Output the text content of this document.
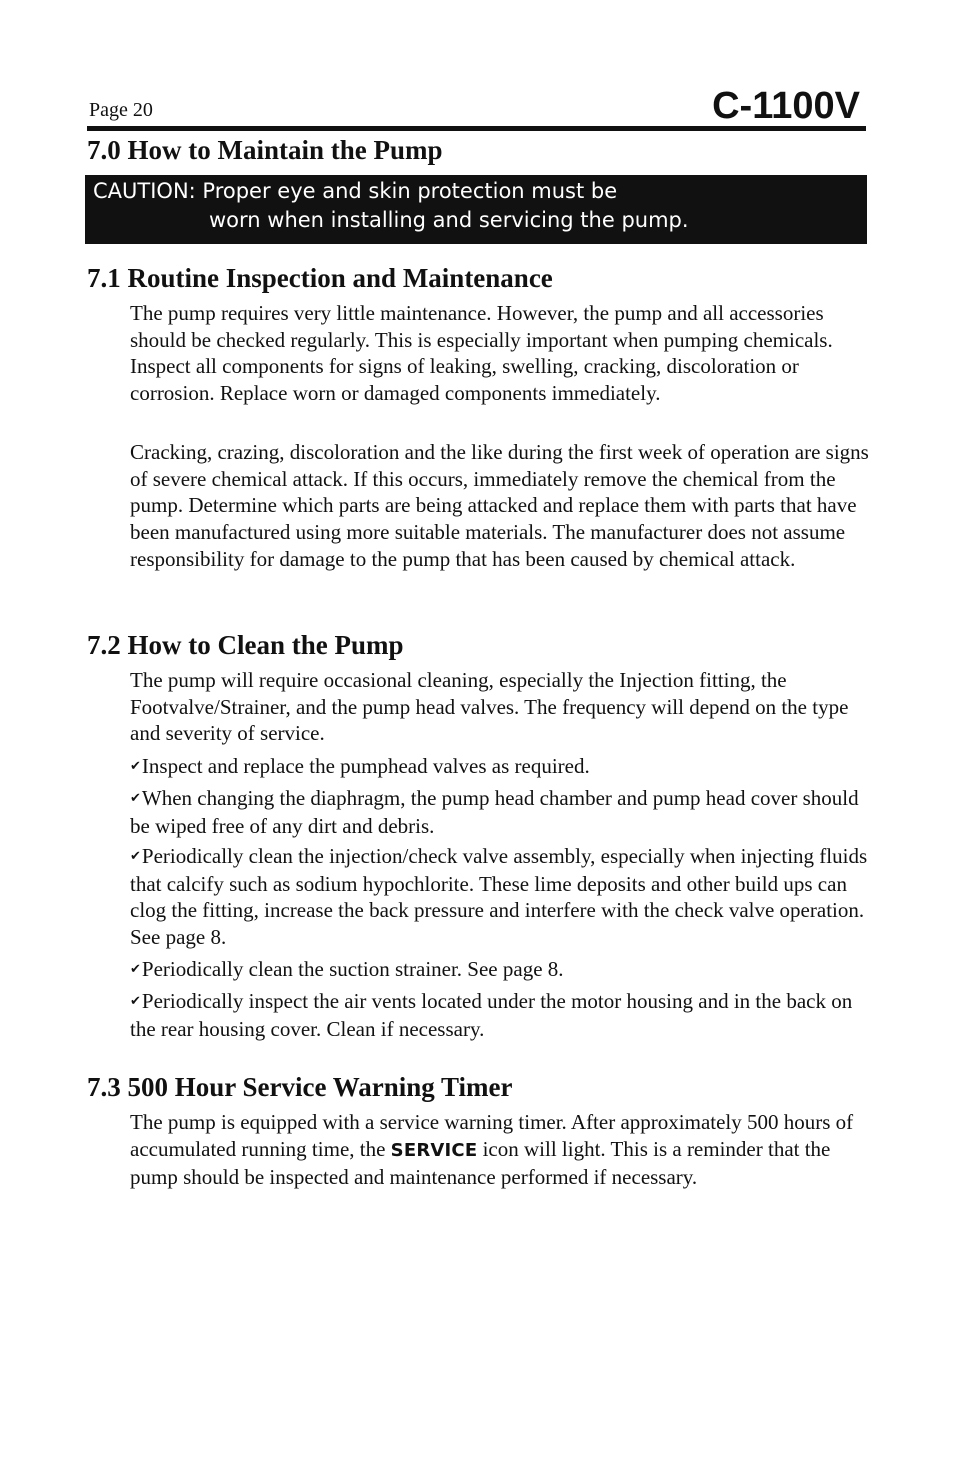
Page 20	C-1100V
7.0 How to Maintain the Pump
CAUTION: Proper eye and skin protection must be
worn when installing and servicing the pump.
7.1 Routine Inspection and Maintenance

The pump requires very little maintenance. However, the pump and all accessories should be checked regularly. This is especially important when pumping chemicals. Inspect all components for signs of leaking, swelling, cracking, discoloration or corrosion. Replace worn or damaged components immediately.

Cracking, crazing, discoloration and the like during the first week of operation are signs of severe chemical attack. If this occurs, immediately remove the chemical from the pump. Determine which parts are being attacked and replace them with parts that have been manufactured using more suitable materials. The manufacturer does not assume responsibility for damage to the pump that has been caused by chemical attack.

7.2 How to Clean the Pump

The pump will require occasional cleaning, especially the Injection fitting, the Footvalve/Strainer, and the pump head valves. The frequency will depend on the type and severity of service.

✔Inspect and replace the pumphead valves as required.

✔When changing the diaphragm, the pump head chamber and pump head cover should be wiped free of any dirt and debris.

✔Periodically clean the injection/check valve assembly, especially when injecting fluids that calcify such as sodium hypochlorite. These lime deposits and other build ups can clog the fitting, increase the back pressure and interfere with the check valve operation. See page 8.

✔Periodically clean the suction strainer. See page 8.

✔Periodically inspect the air vents located under the motor housing and in the back on the rear housing cover. Clean if necessary.

7.3 500 Hour Service Warning Timer

The pump is equipped with a service warning timer. After approximately 500 hours of accumulated running time, the SERVICE icon will light. This is a reminder that the pump should be inspected and maintenance performed if necessary.
